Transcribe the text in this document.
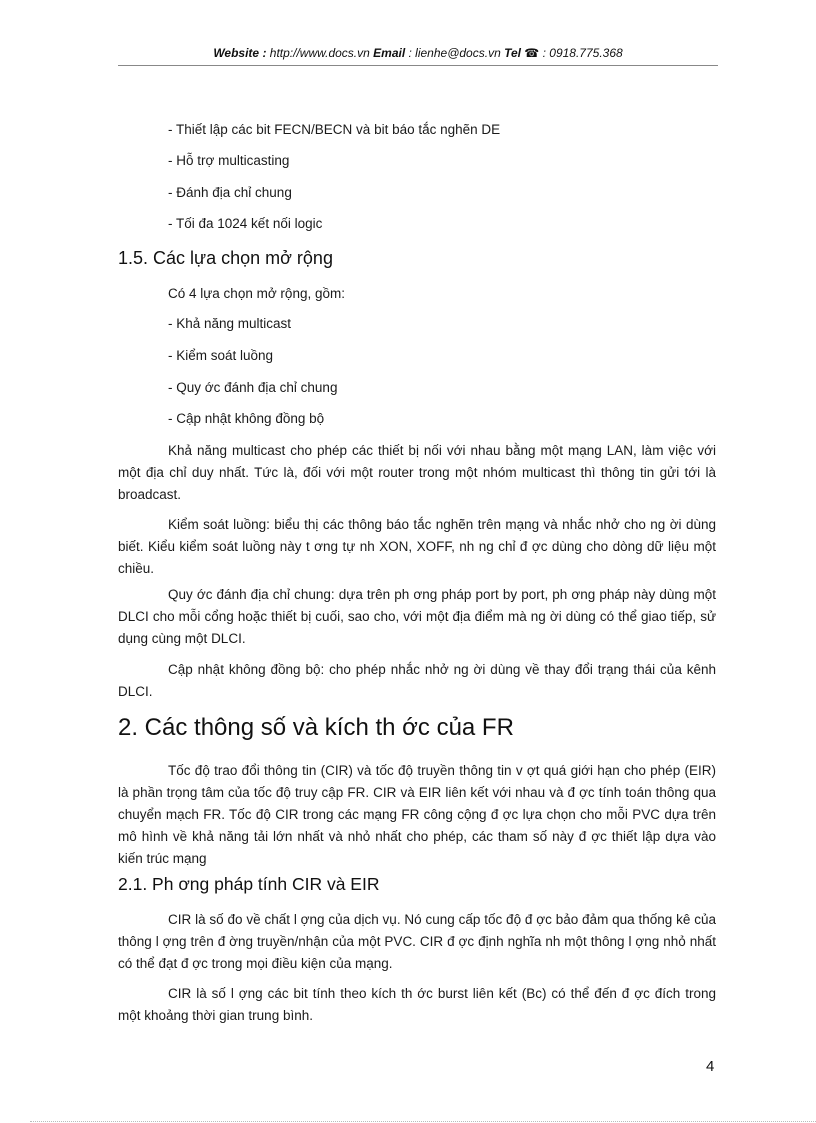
Website : http://www.docs.vn Email : lienhe@docs.vn Tel ☎ : 0918.775.368
- Thiết lập các bit FECN/BECN và bit báo tắc nghẽn DE
- Hỗ trợ multicasting
- Đánh địa chỉ chung
- Tối đa 1024 kết nối logic
1.5. Các lựa chọn mở rộng
Có 4 lựa chọn mở rộng, gồm:
- Khả năng multicast
- Kiểm soát luồng
- Quy ớc đánh địa chỉ chung
- Cập nhật không đồng bộ
Khả năng multicast cho phép các thiết bị nối với nhau bằng một mạng LAN, làm việc với một địa chỉ duy nhất. Tức là, đối với một router trong một nhóm multicast thì thông tin gửi tới là broadcast.
Kiểm soát luồng: biểu thị các thông báo tắc nghẽn trên mạng và nhắc nhở cho ng ời dùng biết. Kiểu kiểm soát luồng này t ơng tự nh XON, XOFF, nh ng chỉ đ ợc dùng cho dòng dữ liệu một chiều.
Quy ớc đánh địa chỉ chung: dựa trên ph ơng pháp port by port, ph ơng pháp này dùng một DLCI cho mỗi cổng hoặc thiết bị cuối, sao cho, với một địa điểm mà ng ời dùng có thể giao tiếp, sử dụng cùng một DLCI.
Cập nhật không đồng bộ: cho phép nhắc nhở ng ời dùng về thay đổi trạng thái của kênh DLCI.
2. Các thông số và kích th ớc của FR
Tốc độ trao đổi thông tin (CIR) và tốc độ truyền thông tin v ợt quá giới hạn cho phép (EIR) là phần trọng tâm của tốc độ truy cập FR. CIR và EIR liên kết với nhau và đ ợc tính toán thông qua chuyển mạch FR. Tốc độ CIR trong các mạng FR công cộng đ ợc lựa chọn cho mỗi PVC dựa trên mô hình về khả năng tải lớn nhất và nhỏ nhất cho phép, các tham số này đ ợc thiết lập dựa vào kiến trúc mạng
2.1. Ph ơng pháp tính CIR và EIR
CIR là số đo về chất l ợng của dịch vụ. Nó cung cấp tốc độ đ ợc bảo đảm qua thống kê của thông l ợng trên đ ờng truyền/nhận của một PVC. CIR đ ợc định nghĩa nh một thông l ợng nhỏ nhất có thể đạt đ ợc trong mọi điều kiện của mạng.
CIR là số l ợng các bit tính theo kích th ớc burst liên kết (Bc) có thể đến đ ợc đích trong một khoảng thời gian trung bình.
4
